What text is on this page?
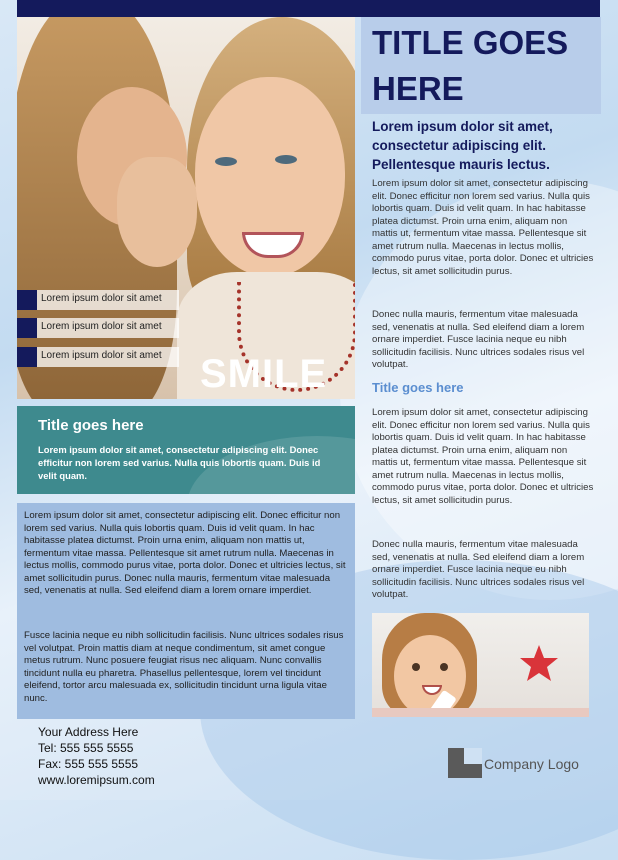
Lorem ipsum dolor sit amet
Lorem ipsum dolor sit amet
Lorem ipsum dolor sit amet SMILE
TITLE GOES HERE
Lorem ipsum dolor sit amet, consectetur adipiscing elit. Pellentesque mauris lectus.
Lorem ipsum dolor sit amet, consectetur adipiscing elit. Donec efficitur non lorem sed varius. Nulla quis lobortis quam. Duis id velit quam. In hac habitasse platea dictumst. Proin urna enim, aliquam non mattis ut, fermentum vitae massa. Pellentesque sit amet rutrum nulla. Maecenas in lectus mollis, commodo purus vitae, porta dolor. Donec et ultricies lectus, sit amet sollicitudin purus.
Donec nulla mauris, fermentum vitae malesuada sed, venenatis at nulla. Sed eleifend diam a lorem ornare imperdiet. Fusce lacinia neque eu nibh sollicitudin facilisis. Nunc ultrices sodales risus vel volutpat.
Title goes here
Lorem ipsum dolor sit amet, consectetur adipiscing elit. Donec efficitur non lorem sed varius. Nulla quis lobortis quam. Duis id velit quam. In hac habitasse platea dictumst. Proin urna enim, aliquam non mattis ut, fermentum vitae massa. Pellentesque sit amet rutrum nulla. Maecenas in lectus mollis, commodo purus vitae, porta dolor. Donec et ultricies lectus, sit amet sollicitudin purus.
Donec nulla mauris, fermentum vitae malesuada sed, venenatis at nulla. Sed eleifend diam a lorem ornare imperdiet. Fusce lacinia neque eu nibh sollicitudin facilisis. Nunc ultrices sodales risus vel volutpat.
Title goes here
Lorem ipsum dolor sit amet, consectetur adipiscing elit. Donec efficitur non lorem sed varius. Nulla quis lobortis quam. Duis id velit quam.
Lorem ipsum dolor sit amet, consectetur adipiscing elit. Donec efficitur non lorem sed varius. Nulla quis lobortis quam. Duis id velit quam. In hac habitasse platea dictumst. Proin urna enim, aliquam non mattis ut, fermentum vitae massa. Pellentesque sit amet rutrum nulla. Maecenas in lectus mollis, commodo purus vitae, porta dolor. Donec et ultricies lectus, sit amet sollicitudin purus. Donec nulla mauris, fermentum vitae malesuada sed, venenatis at nulla. Sed eleifend diam a lorem ornare imperdiet.
Fusce lacinia neque eu nibh sollicitudin facilisis. Nunc ultrices sodales risus vel volutpat. Proin mattis diam at neque condimentum, sit amet congue metus rutrum. Nunc posuere feugiat risus nec aliquam. Nunc convallis tincidunt nulla eu pharetra. Phasellus pellentesque, lorem vel tincidunt eleifend, tortor arcu malesuada ex, sollicitudin tincidunt urna ligula vitae nunc.
Your Address Here
Tel: 555 555 5555
Fax: 555 555 5555
www.loremipsum.com
Company Logo
